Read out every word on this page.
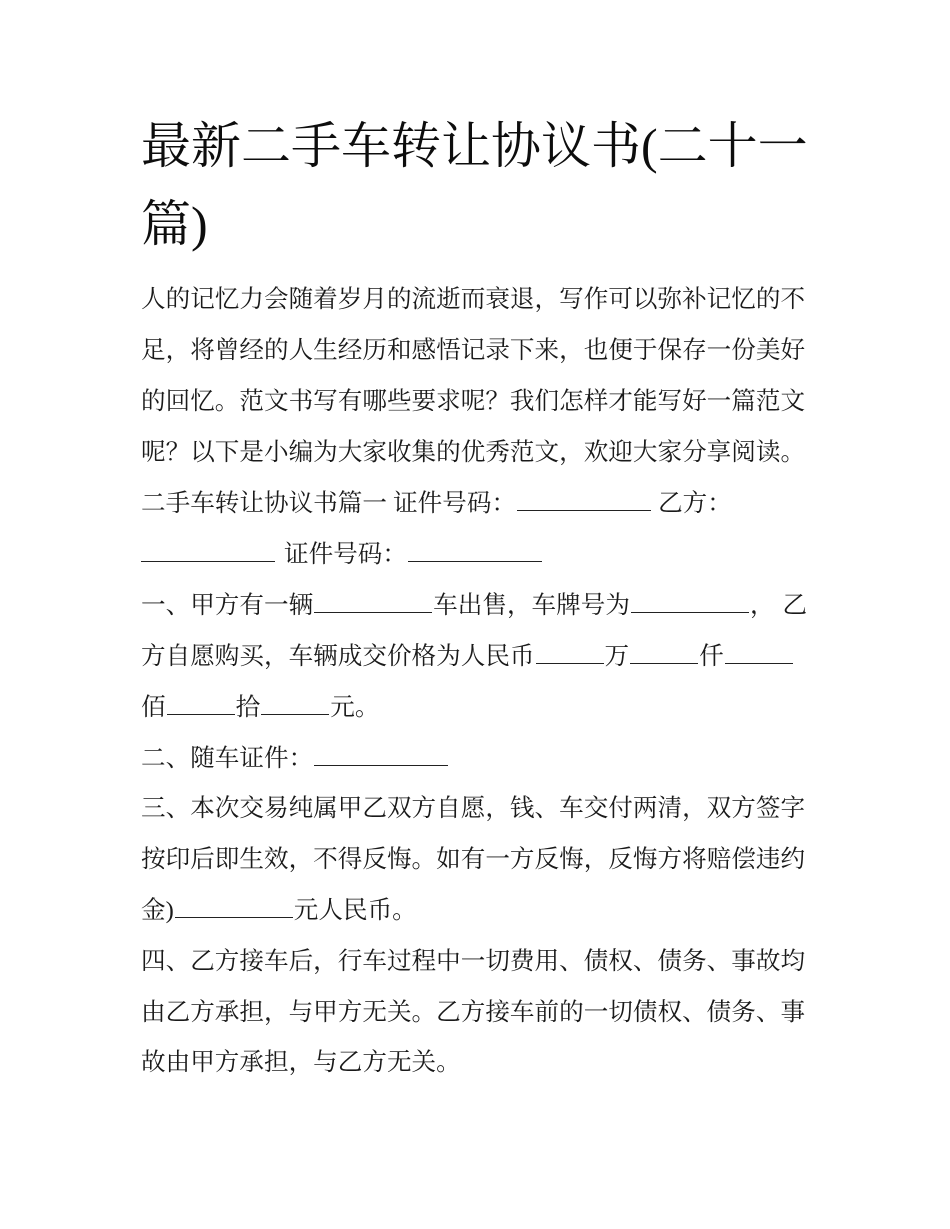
最新二手车转让协议书(二十一
篇)
人的记忆力会随着岁月的流逝而衰退，写作可以弥补记忆的不
足，将曾经的人生经历和感悟记录下来，也便于保存一份美好
的回忆。范文书写有哪些要求呢？我们怎样才能写好一篇范文
呢？以下是小编为大家收集的优秀范文，欢迎大家分享阅读。
二手车转让协议书篇一 证件号码：	乙方：
证件号码：
一、甲方有一辆	车出售，车牌号为	，乙
方自愿购买，车辆成交价格为人民币	万	仟
佰	拾	元。
二、随车证件：
三、本次交易纯属甲乙双方自愿，钱、车交付两清，双方签字
按印后即生效，不得反悔。如有一方反悔，反悔方将赔偿违约
金)	元人民币。
四、乙方接车后，行车过程中一切费用、债权、债务、事故均
由乙方承担，与甲方无关。乙方接车前的一切债权、债务、事
故由甲方承担，与乙方无关。
